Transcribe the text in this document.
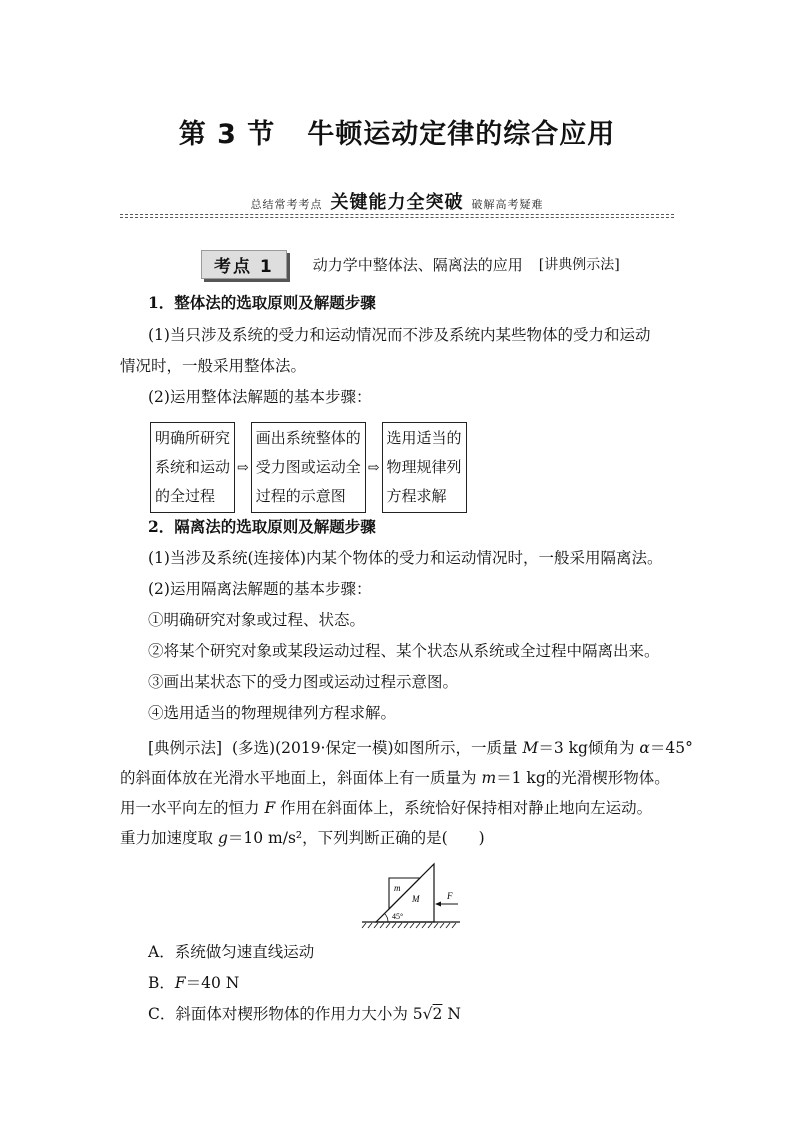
第 3 节 牛顿运动定律的综合应用
总结常考考点 关键能力全突破 破解高考疑难
考点 1	动力学中整体法、隔离法的应用 [讲典例示法]
1．整体法的选取原则及解题步骤
(1)当只涉及系统的受力和运动情况而不涉及系统内某些物体的受力和运动
情况时，一般采用整体法。
(2)运用整体法解题的基本步骤：
明确所研究
系统和运动
的全过程
⇨
画出系统整体的
受力图或运动全
过程的示意图
⇨
选用适当的
物理规律列
方程求解
2．隔离法的选取原则及解题步骤
(1)当涉及系统(连接体)内某个物体的受力和运动情况时，一般采用隔离法。
(2)运用隔离法解题的基本步骤：
①明确研究对象或过程、状态。
②将某个研究对象或某段运动过程、某个状态从系统或全过程中隔离出来。
③画出某状态下的受力图或运动过程示意图。
④选用适当的物理规律列方程求解。
[典例示法] (多选)(2019·保定一模)如图所示，一质量 M＝3 kg倾角为 α＝45°
的斜面体放在光滑水平地面上，斜面体上有一质量为 m＝1 kg的光滑楔形物体。
用一水平向左的恒力 F 作用在斜面体上，系统恰好保持相对静止地向左运动。
重力加速度取 g＝10 m/s²，下列判断正确的是(　　)
m
M
45°
F
A．系统做匀速直线运动
B．F＝40 N
C．斜面体对楔形物体的作用力大小为 5√2 N
